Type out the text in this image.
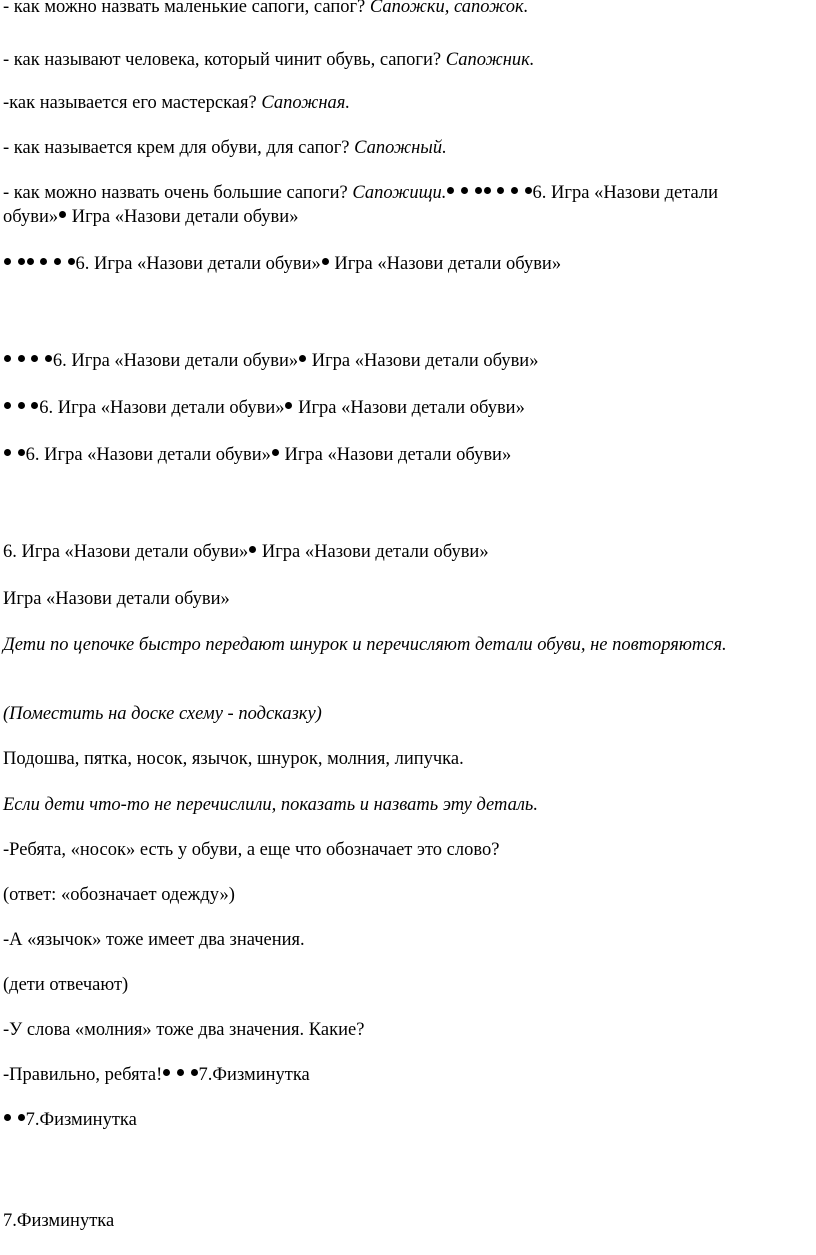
- как можно назвать маленькие сапоги, сапог? Сапожки, сапожок.
- как называют человека, который чинит обувь, сапоги? Сапожник.
-как называется его мастерская? Сапожная.
- как называется крем для обуви, для сапог? Сапожный.
- как можно назвать очень большие сапоги? Сапожищи.	6. Игра «Назови детали
обуви» Игра «Назови детали обуви»
6. Игра «Назови детали обуви» Игра «Назови детали обуви»
6. Игра «Назови детали обуви» Игра «Назови детали обуви»
6. Игра «Назови детали обуви» Игра «Назови детали обуви»
6. Игра «Назови детали обуви» Игра «Назови детали обуви»
6. Игра «Назови детали обуви» Игра «Назови детали обуви»
Игра «Назови детали обуви»
Дети по цепочке быстро передают шнурок и перечисляют детали обуви, не повторяются.
(Поместить на доске схему - подсказку)
Подошва, пятка, носок, язычок, шнурок, молния, липучка.
Если дети что-то не перечислили, показать и назвать эту деталь.
-Ребята, «носок» есть у обуви, а еще что обозначает это слово?
(ответ: «обозначает одежду»)
-А «язычок» тоже имеет два значения.
(дети отвечают)
-У слова «молния» тоже два значения. Какие?
-Правильно, ребята! 7.Физминутка
7.Физминутка
7.Физминутка
